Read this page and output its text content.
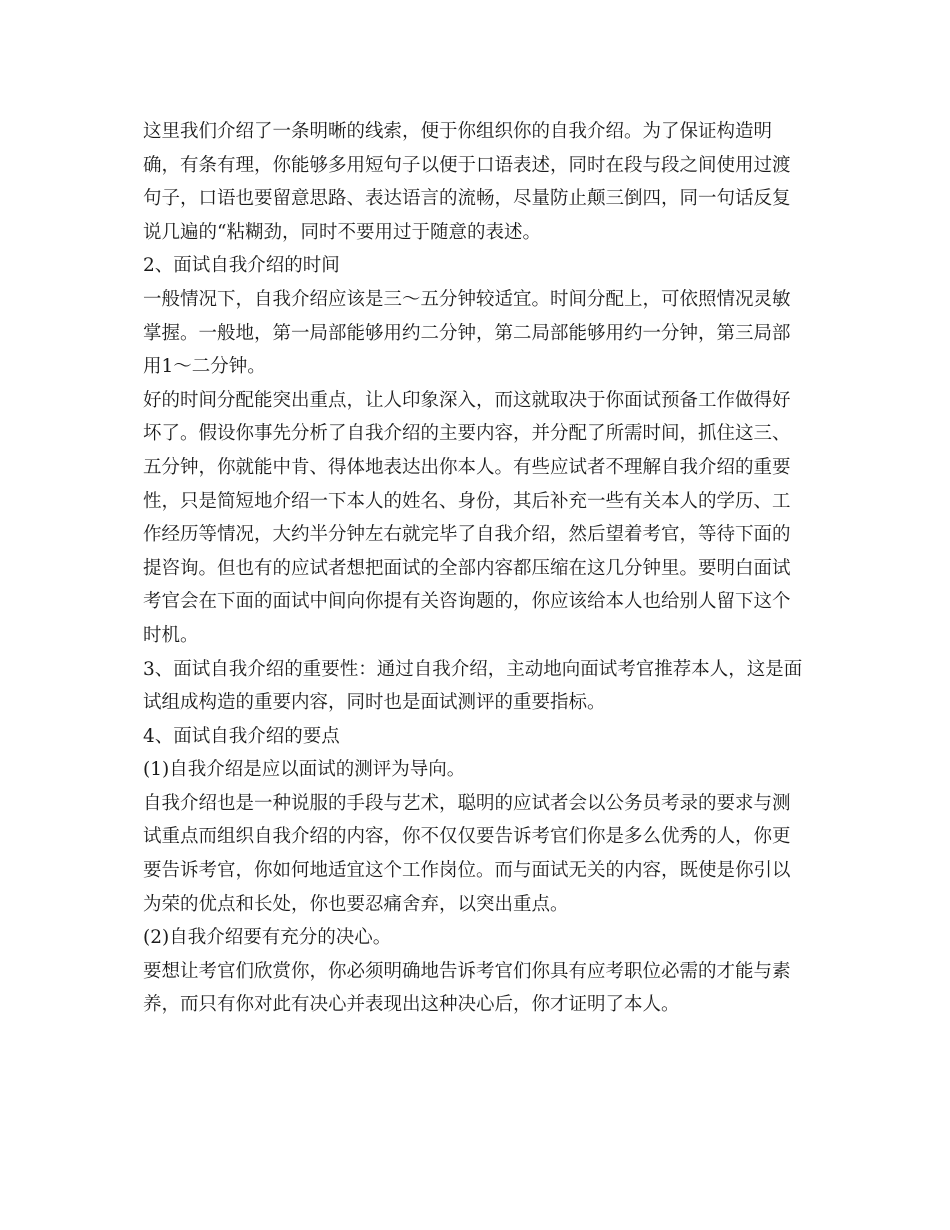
这里我们介绍了一条明晰的线索，便于你组织你的自我介绍。为了保证构造明
确，有条有理，你能够多用短句子以便于口语表述，同时在段与段之间使用过渡
句子，口语也要留意思路、表达语言的流畅，尽量防止颠三倒四，同一句话反复
说几遍的“粘糊劲，同时不要用过于随意的表述。
2、面试自我介绍的时间
一般情况下，自我介绍应该是三～五分钟较适宜。时间分配上，可依照情况灵敏
掌握。一般地，第一局部能够用约二分钟，第二局部能够用约一分钟，第三局部
用1～二分钟。
好的时间分配能突出重点，让人印象深入，而这就取决于你面试预备工作做得好
坏了。假设你事先分析了自我介绍的主要内容，并分配了所需时间，抓住这三、
五分钟，你就能中肯、得体地表达出你本人。有些应试者不理解自我介绍的重要
性，只是简短地介绍一下本人的姓名、身份，其后补充一些有关本人的学历、工
作经历等情况，大约半分钟左右就完毕了自我介绍，然后望着考官，等待下面的
提咨询。但也有的应试者想把面试的全部内容都压缩在这几分钟里。要明白面试
考官会在下面的面试中间向你提有关咨询题的，你应该给本人也给别人留下这个
时机。
3、面试自我介绍的重要性：通过自我介绍，主动地向面试考官推荐本人，这是面
试组成构造的重要内容，同时也是面试测评的重要指标。
4、面试自我介绍的要点
(1)自我介绍是应以面试的测评为导向。
自我介绍也是一种说服的手段与艺术，聪明的应试者会以公务员考录的要求与测
试重点而组织自我介绍的内容，你不仅仅要告诉考官们你是多么优秀的人，你更
要告诉考官，你如何地适宜这个工作岗位。而与面试无关的内容，既使是你引以
为荣的优点和长处，你也要忍痛舍弃，以突出重点。
(2)自我介绍要有充分的决心。
要想让考官们欣赏你，你必须明确地告诉考官们你具有应考职位必需的才能与素
养，而只有你对此有决心并表现出这种决心后，你才证明了本人。
